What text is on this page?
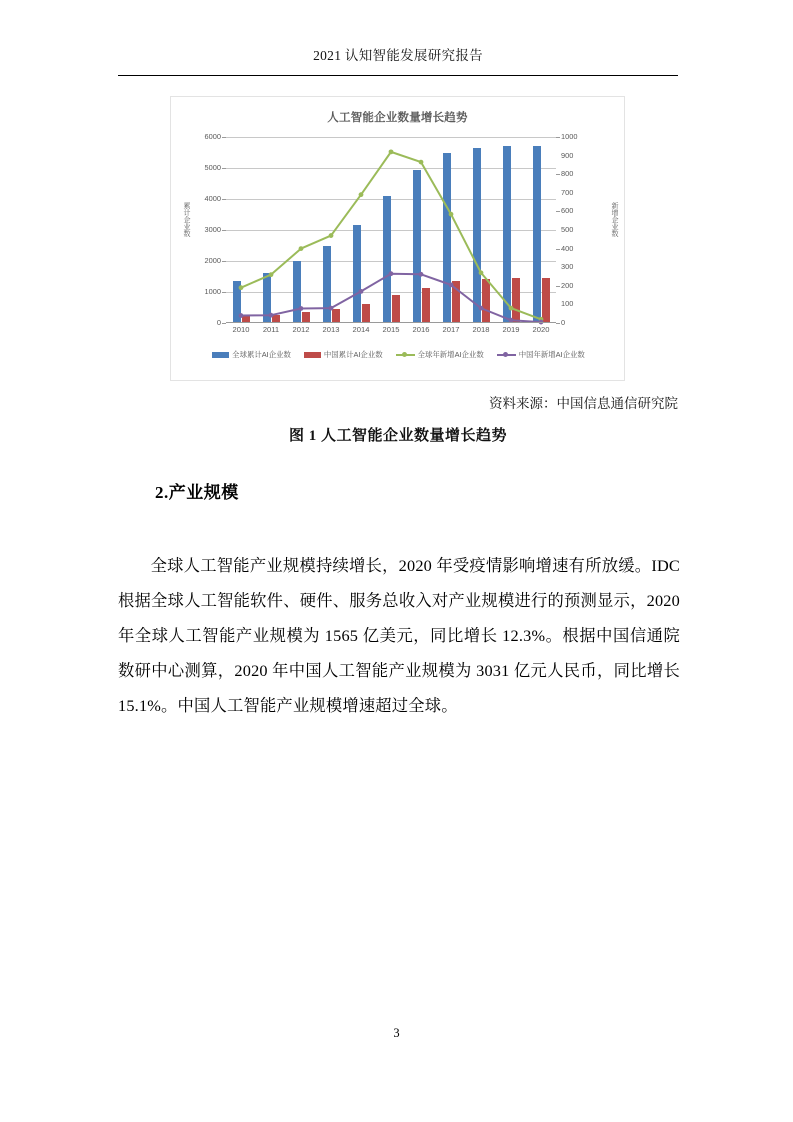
2021 认知智能发展研究报告
人工智能企业数量增长趋势
累计企业数	新增企业数
0
1000
2000
3000
4000
5000
6000
0
100
200
300
400
500
600
700
800
900
1000
2010	2011	2012	2013	2014	2015	2016	2017	2018	2019	2020
全球累计AI企业数	中国累计AI企业数	全球年新增AI企业数	中国年新增AI企业数
资料来源：中国信息通信研究院
图 1 人工智能企业数量增长趋势
2.产业规模
全球人工智能产业规模持续增长，2020 年受疫情影响增速有所放缓。IDC 根据全球人工智能软件、硬件、服务总收入对产业规模进行的预测显示，2020 年全球人工智能产业规模为 1565 亿美元，同比增长 12.3%。根据中国信通院数研中心测算，2020 年中国人工智能产业规模为 3031 亿元人民币，同比增长 15.1%。中国人工智能产业规模增速超过全球。
3
